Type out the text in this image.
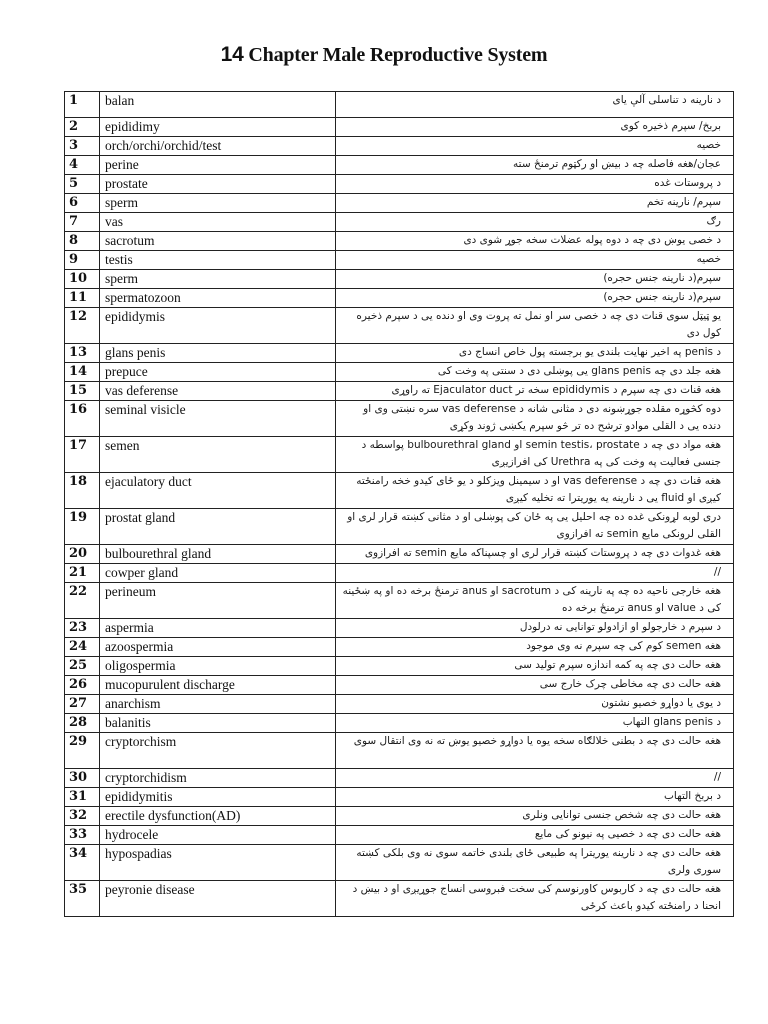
14 Chapter Male Reproductive System
1	balan	د نارینه د تناسلی آلې یای
2	epididimy	بربخ/ سپرم ذخیره کوی
3	orch/orchi/orchid/test	خصیه
4	perine	عجان/هغه فاصله چه د بیښ او رکټوم ترمنځ سته
5	prostate	د پروستات غده
6	sperm	سپرم/ نارینه تخم
7	vas	رګ
8	sacrotum	د خصی یوښ دی چه د دوه پوله عضلات سخه جوړ شوی دی
9	testis	خصیه
10	sperm	سپرم(د نارینه جنس حجره)
11	spermatozoon	سپرم(د نارینه جنس حجره)
12	epididymis	یو ټیټل سوی قنات دی چه د خصی سر او نمل ته پروت وی او دنده یی د سپرم ذخیره کول دی
13	glans penis	د penis په اخیر نهایت بلندی یو برجسته پول خاص انساج دی
14	prepuce	هغه جلد دی چه glans penis یی پوښلی دی د سنتی په وخت کی
15	vas deferense	هغه قنات دی چه سپرم د epididymis سخه تر Ejaculator duct ته راوړی
16	seminal visicle	دوه کڅوړه مقلده جوړښونه دی د مثانی شانه د vas deferense سره نښتی وی او دنده یی د القلی موادو ترشح ده تر څو سپرم یکښی ژوند وکړی
17	semen	هغه مواد دی چه د semin testis، prostate او bulbourethral gland پواسطه د جنسی فعالیت په وخت کی په Urethra کی افرازیږی
18	ejaculatory duct	هغه قنات دی چه د vas deferense او د سیمینل ویزکلو د یو ځای کیدو خخه رامنځته کیږی او fluid یی د نارینه یه یوریترا ته تخلیه کیږی
19	prostat gland	دری لوبه لړونکی غده ده چه احلیل یی په ځان کی پوښلی او د مثانی کښته قرار لری او القلی لرونکی مایع semin ته افرازوی
20	bulbourethral gland	هغه غدوات دی چه د پروستات کښته قرار لری او چسپناکه مایع semin ته افرازوی
21	cowper gland	//
22	perineum	هغه خارجی ناحیه ده چه په نارینه کی د sacrotum او anus ترمنځ برخه ده او په ښځینه کی د value او anus ترمنځ برخه ده
23	aspermia	د سپرم د خارجولو او ازادولو توانایی نه درلودل
24	azoospermia	هغه semen کوم کی چه سپرم نه وی موجود
25	oligospermia	هغه حالت دی چه په کمه اندازه سپرم تولید سی
26	mucopurulent discharge	هغه حالت دی چه مخاطی چرک خارج سی
27	anarchism	د یوی یا دواړو خصیو نشتون
28	balanitis	د glans penis التهاب
29	cryptorchism	هغه حالت دی چه د بطنی خلالګاه سخه یوه یا دواړو خصیو یوښ ته نه وی انتقال سوی
30	cryptorchidism	//
31	epididymitis	د بربخ التهاب
32	erectile dysfunction(AD)	هغه حالت دی چه شخص جنسی توانایی ونلری
33	hydrocele	هغه حالت دی چه د خصیی په نیونو کی مایع
34	hypospadias	هغه حالت دی چه د نارینه یوریترا په طبیعی ځای بلندی خاتمه سوی نه وی بلکی کښته سوری ولری
35	peyronie disease	هغه حالت دی چه د کاربوس کاورنوسم کی سخت فبروسی انساج جوړیږی او د بیښ د انحنا د رامنځته کیدو باعث کرځی
